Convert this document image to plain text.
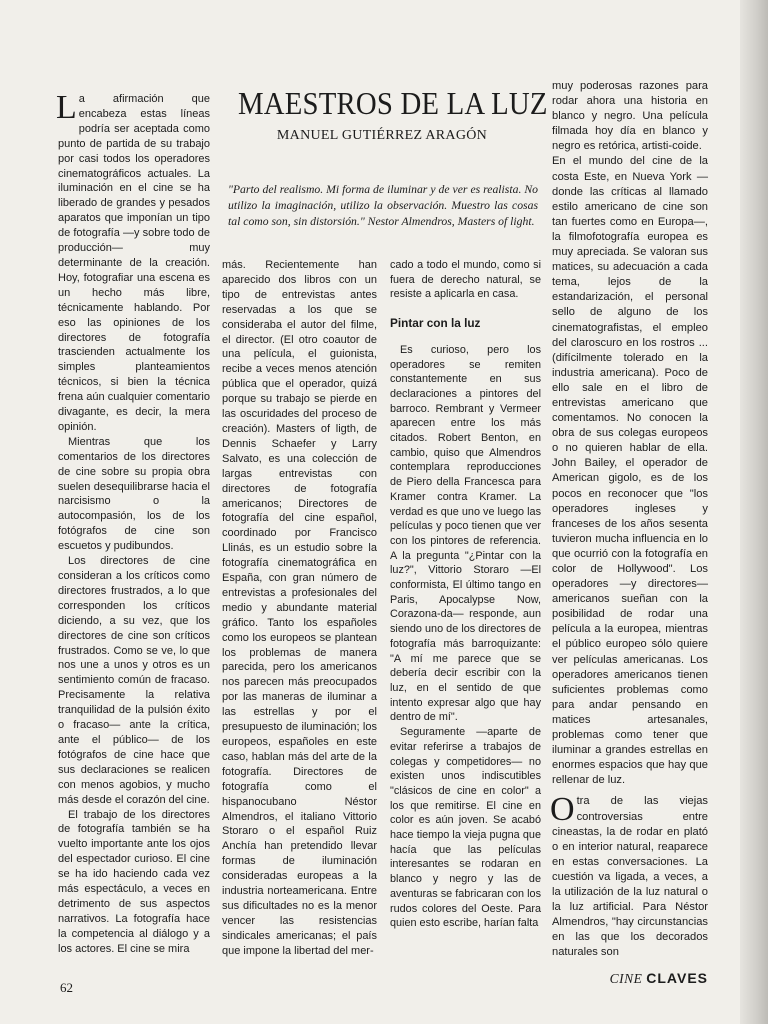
MAESTROS DE LA LUZ
MANUEL GUTIÉRREZ ARAGÓN
"Parto del realismo. Mi forma de iluminar y de ver es realista. No utilizo la imaginación, utilizo la observación. Muestro las cosas tal como son, sin distorsión." Nestor Almendros, Masters of light.

La afirmación que encabeza estas líneas podría ser aceptada como punto de partida de su trabajo por casi todos los operadores cinematográficos actuales. La iluminación en el cine se ha liberado de grandes y pesados aparatos que imponían un tipo de fotografía —y sobre todo de producción— muy determinante de la creación. Hoy, fotografiar una escena es un hecho más libre, técnicamente hablando. Por eso las opiniones de los directores de fotografía trascienden actualmente los simples planteamientos técnicos, si bien la técnica frena aún cualquier comentario divagante, es decir, la mera opinión.

Mientras que los comentarios de los directores de cine sobre su propia obra suelen desequilibrarse hacia el narcisismo o la autocompasión, los de los fotógrafos de cine son escuetos y pudibundos.

Los directores de cine consideran a los críticos como directores frustrados, a lo que corresponden los críticos diciendo, a su vez, que los directores de cine son críticos frustrados. Como se ve, lo que nos une a unos y otros es un sentimiento común de fracaso. Precisamente la relativa tranquilidad de la pulsión éxito o fracaso— ante la crítica, ante el público— de los fotógrafos de cine hace que sus declaraciones se realicen con menos agobios, y mucho más desde el corazón del cine.

El trabajo de los directores de fotografía también se ha vuelto importante ante los ojos del espectador curioso. El cine se ha ido haciendo cada vez más espectáculo, a veces en detrimento de sus aspectos narrativos. La fotografía hace la competencia al diálogo y a los actores. El cine se mira

más. Recientemente han aparecido dos libros con un tipo de entrevistas antes reservadas a los que se consideraba el autor del filme, el director. (El otro coautor de una película, el guionista, recibe a veces menos atención pública que el operador, quizá porque su trabajo se pierde en las oscuridades del proceso de creación). Masters of ligth, de Dennis Schaefer y Larry Salvato, es una colección de largas entrevistas con directores de fotografía americanos; Directores de fotografía del cine español, coordinado por Francisco Llinás, es un estudio sobre la fotografía cinematográfica en España, con gran número de entrevistas a profesionales del medio y abundante material gráfico. Tanto los españoles como los europeos se plantean los problemas de manera parecida, pero los americanos nos parecen más preocupados por las maneras de iluminar a las estrellas y por el presupuesto de iluminación; los europeos, españoles en este caso, hablan más del arte de la fotografía. Directores de fotografía como el hispanocubano Néstor Almendros, el italiano Vittorio Storaro o el español Ruiz Anchía han pretendido llevar formas de iluminación consideradas europeas a la industria norteamericana. Entre sus dificultades no es la menor vencer las resistencias sindicales americanas; el país que impone la libertad del mer-

cado a todo el mundo, como si fuera de derecho natural, se resiste a aplicarla en casa.

Pintar con la luz

Es curioso, pero los operadores se remiten constantemente en sus declaraciones a pintores del barroco. Rembrant y Vermeer aparecen entre los más citados. Robert Benton, en cambio, quiso que Almendros contemplara reproducciones de Piero della Francesca para Kramer contra Kramer. La verdad es que uno ve luego las películas y poco tienen que ver con los pintores de referencia. A la pregunta "¿Pintar con la luz?", Vittorio Storaro —El conformista, El último tango en Paris, Apocalypse Now, Corazona-da— responde, aun siendo uno de los directores de fotografía más barroquizante: "A mí me parece que se debería decir escribir con la luz, en el sentido de que intento expresar algo que hay dentro de mí".

Seguramente —aparte de evitar referirse a trabajos de colegas y competidores— no existen unos indiscutibles "clásicos de cine en color" a los que remitirse. El cine en color es aún joven. Se acabó hace tiempo la vieja pugna que hacía que las películas interesantes se rodaran en blanco y negro y las de aventuras se fabricaran con los rudos colores del Oeste. Para quien esto escribe, harían falta

muy poderosas razones para rodar ahora una historia en blanco y negro. Una película filmada hoy día en blanco y negro es retórica, artisti-coide.

En el mundo del cine de la costa Este, en Nueva York —donde las críticas al llamado estilo americano de cine son tan fuertes como en Europa—, la filmofotografía europea es muy apreciada. Se valoran sus matices, su adecuación a cada tema, lejos de la estandarización, el personal sello de alguno de los cinematografistas, el empleo del claroscuro en los rostros ... (difícilmente tolerado en la industria americana). Poco de ello sale en el libro de entrevistas americano que comentamos. No conocen la obra de sus colegas europeos o no quieren hablar de ella. John Bailey, el operador de American gigolo, es de los pocos en reconocer que "los operadores ingleses y franceses de los años sesenta tuvieron mucha influencia en lo que ocurrió con la fotografía en color de Hollywood". Los operadores —y directores— americanos sueñan con la posibilidad de rodar una película a la europea, mientras el público europeo sólo quiere ver películas americanas. Los operadores americanos tienen suficientes problemas como para andar pensando en matices artesanales, problemas como tener que iluminar a grandes estrellas en enormes espacios que hay que rellenar de luz.

Otra de las viejas controversias entre cineastas, la de rodar en plató o en interior natural, reaparece en estas conversaciones. La cuestión va ligada, a veces, a la utilización de la luz natural o la luz artificial. Para Néstor Almendros, "hay circunstancias en las que los decorados naturales son

62
CINE CLAVES
